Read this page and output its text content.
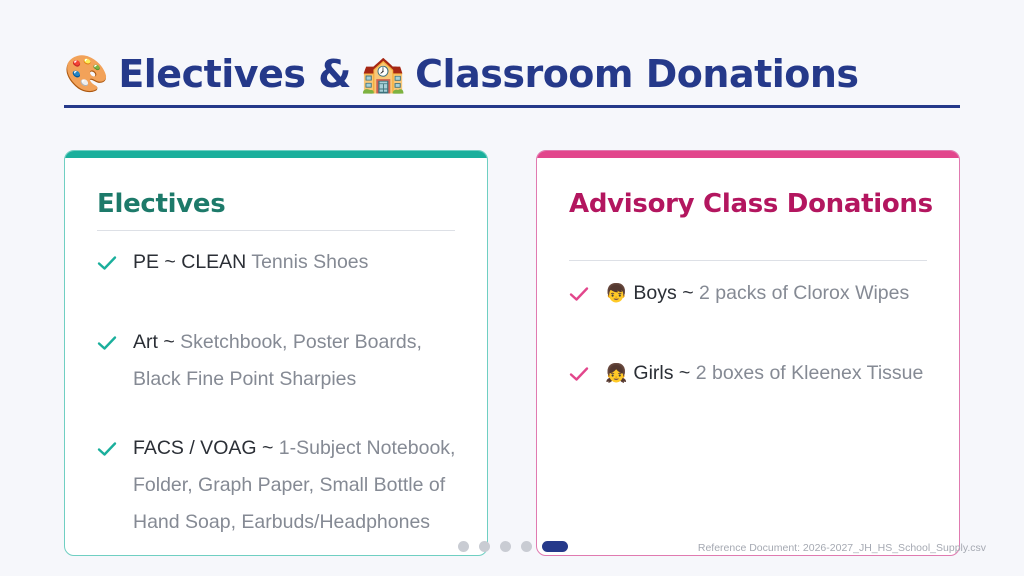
🎨 Electives & 🏫 Classroom Donations
Electives
PE ~ CLEAN Tennis Shoes
Art ~ Sketchbook, Poster Boards, Black Fine Point Sharpies
FACS / VOAG ~ 1-Subject Notebook, Folder, Graph Paper, Small Bottle of Hand Soap, Earbuds/Headphones
Advisory Class Donations
👦 Boys ~ 2 packs of Clorox Wipes
👧 Girls ~ 2 boxes of Kleenex Tissue
Reference Document: 2026-2027_JH_HS_School_Supply.csv
